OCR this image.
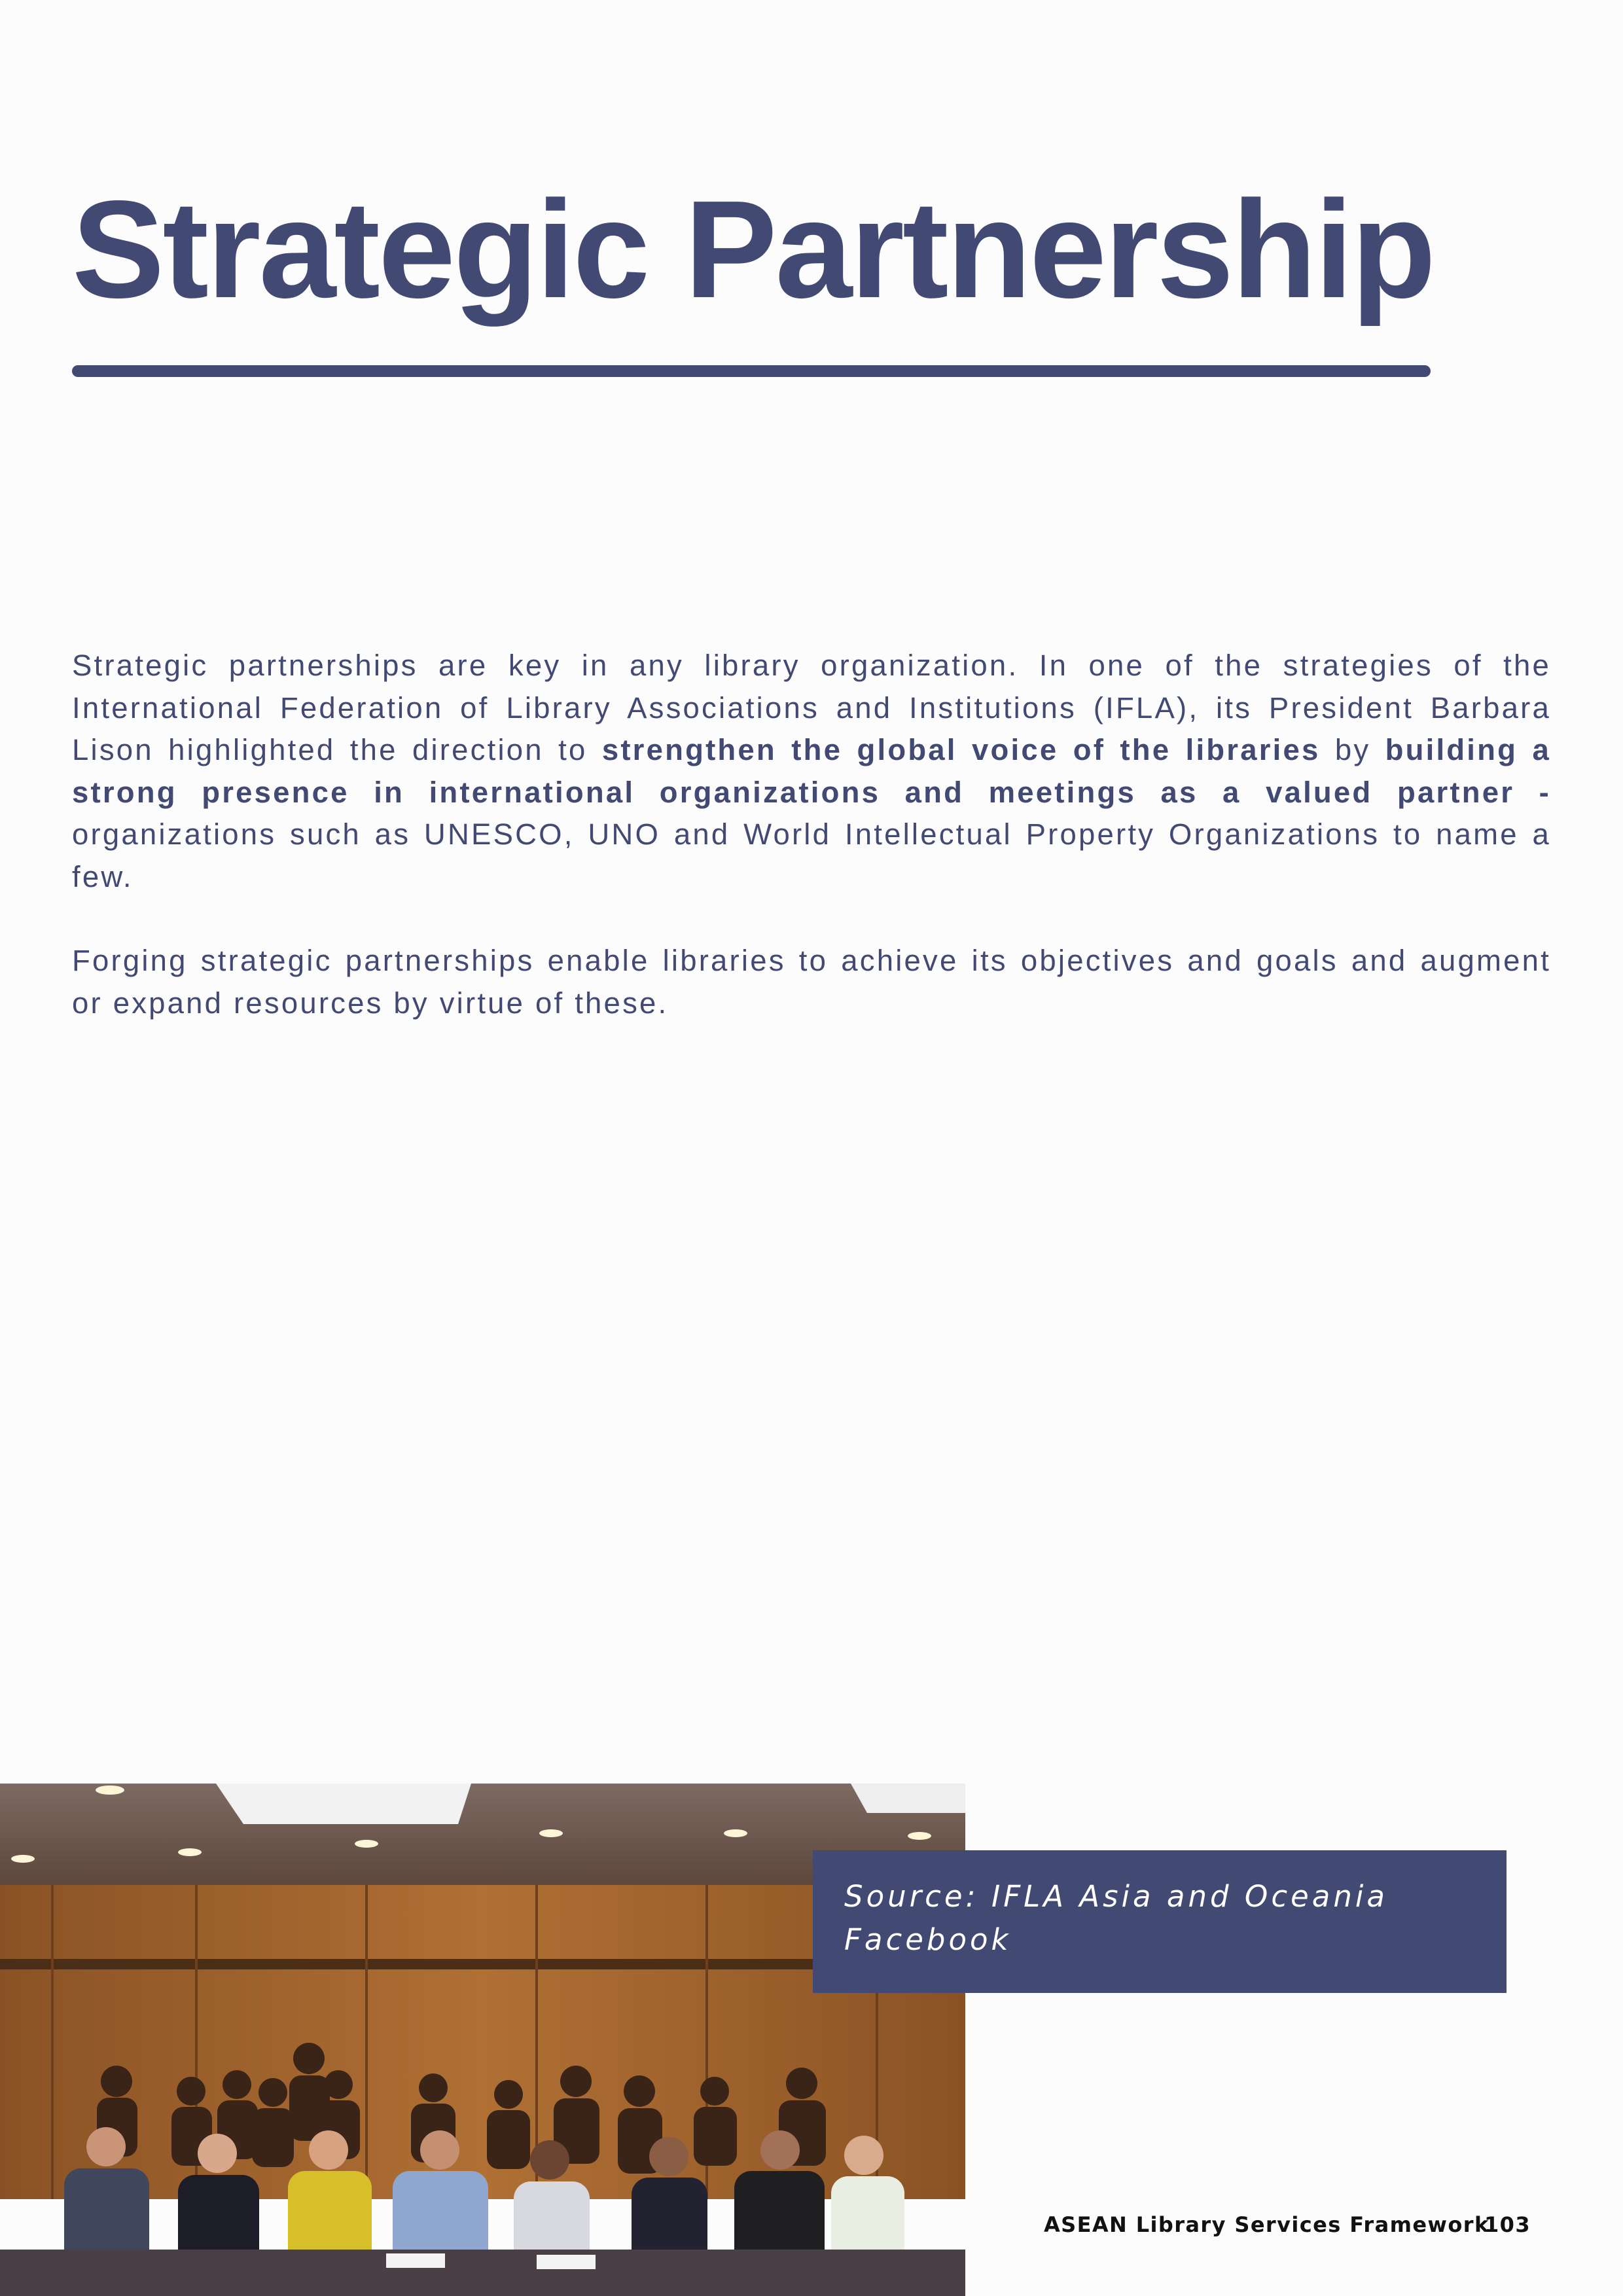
Strategic Partnership

Strategic partnerships are key in any library organization. In one of the strategies of the International Federation of Library Associations and Institutions (IFLA), its President Barbara Lison highlighted the direction to strengthen the global voice of the libraries by building a strong presence in international organizations and meetings as a valued partner - organizations such as UNESCO, UNO and World Intellectual Property Organizations to name a few.

Forging strategic partnerships enable libraries to achieve its objectives and goals and augment or expand resources by virtue of these.

Source: IFLA Asia and Oceania Facebook
ASEAN Library Services Framework
103
